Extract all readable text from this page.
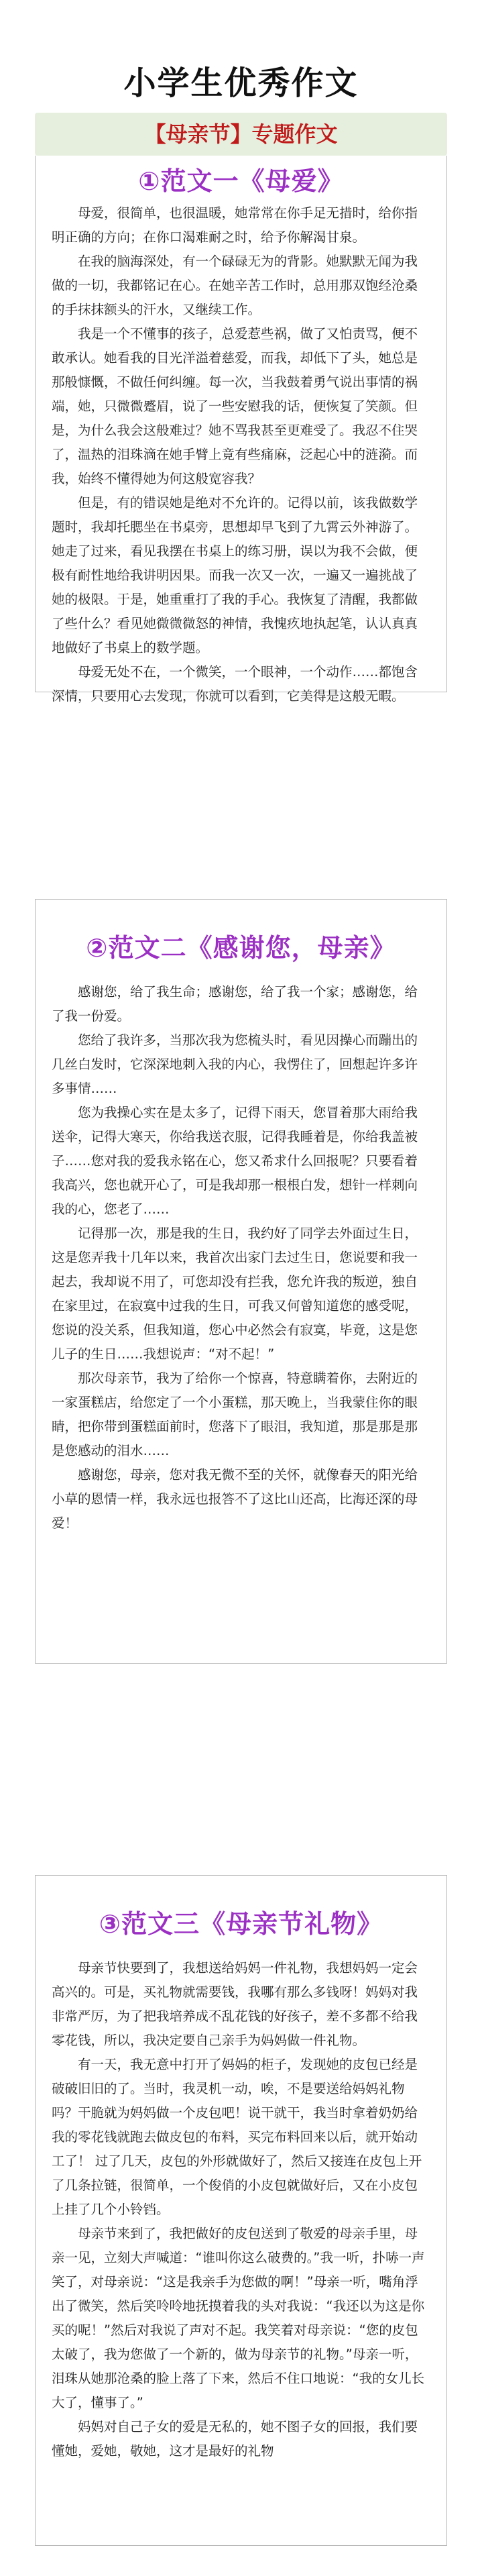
小学生优秀作文
【母亲节】专题作文
①范文一《母爱》

母爱，很简单，也很温暖，她常常在你手足无措时，给你指明正确的方向；在你口渴难耐之时，给予你解渴甘泉。

在我的脑海深处，有一个碌碌无为的背影。她默默无闻为我做的一切，我都铭记在心。在她辛苦工作时，总用那双饱经沧桑的手抹抹额头的汗水，又继续工作。

我是一个不懂事的孩子，总爱惹些祸，做了又怕责骂，便不敢承认。她看我的目光洋溢着慈爱，而我，却低下了头，她总是那般慷慨，不做任何纠缠。每一次，当我鼓着勇气说出事情的祸端，她，只微微蹙眉，说了一些安慰我的话，便恢复了笑颜。但是，为什么我会这般难过？她不骂我甚至更难受了。我忍不住哭了，温热的泪珠滴在她手臂上竟有些痛麻，泛起心中的涟漪。而我，始终不懂得她为何这般宽容我？

但是，有的错误她是绝对不允许的。记得以前，该我做数学题时，我却托腮坐在书桌旁，思想却早飞到了九霄云外神游了。她走了过来，看见我摆在书桌上的练习册，误以为我不会做，便极有耐性地给我讲明因果。而我一次又一次，一遍又一遍挑战了她的极限。于是，她重重打了我的手心。我恢复了清醒，我都做了些什么？看见她微微微怒的神情，我愧疚地执起笔，认认真真地做好了书桌上的数学题。

母爱无处不在，一个微笑，一个眼神，一个动作……都饱含深情，只要用心去发现，你就可以看到，它美得是这般无暇。

②范文二《感谢您，母亲》

感谢您，给了我生命；感谢您，给了我一个家；感谢您，给了我一份爱。

您给了我许多，当那次我为您梳头时，看见因操心而蹦出的几丝白发时，它深深地刺入我的内心，我愣住了，回想起许多许多事情……

您为我操心实在是太多了，记得下雨天，您冒着那大雨给我送伞，记得大寒天，你给我送衣服，记得我睡着是，你给我盖被子……您对我的爱我永铭在心，您又希求什么回报呢？只要看着我高兴，您也就开心了，可是我却那一根根白发，想针一样刺向我的心，您老了……

记得那一次，那是我的生日，我约好了同学去外面过生日，这是您弄我十几年以来，我首次出家门去过生日，您说要和我一起去，我却说不用了，可您却没有拦我，您允许我的叛逆，独自在家里过，在寂寞中过我的生日，可我又何曾知道您的感受呢，您说的没关系，但我知道，您心中必然会有寂寞，毕竟，这是您儿子的生日……我想说声：“对不起！”

那次母亲节，我为了给你一个惊喜，特意瞒着你，去附近的一家蛋糕店，给您定了一个小蛋糕，那天晚上，当我蒙住你的眼睛，把你带到蛋糕面前时，您落下了眼泪，我知道，那是那是那是您感动的泪水……

感谢您，母亲，您对我无微不至的关怀，就像春天的阳光给小草的恩情一样，我永远也报答不了这比山还高，比海还深的母爱！

③范文三《母亲节礼物》

母亲节快要到了，我想送给妈妈一件礼物，我想妈妈一定会高兴的。可是，买礼物就需要钱，我哪有那么多钱呀！妈妈对我非常严厉，为了把我培养成不乱花钱的好孩子，差不多都不给我零花钱，所以，我决定要自己亲手为妈妈做一件礼物。

有一天，我无意中打开了妈妈的柜子，发现她的皮包已经是破破旧旧的了。当时，我灵机一动，唉，不是要送给妈妈礼物吗？干脆就为妈妈做一个皮包吧！说干就干，我当时拿着奶奶给我的零花钱就跑去做皮包的布料，买完布料回来以后，就开始动工了！ 过了几天，皮包的外形就做好了，然后又接连在皮包上开了几条拉链，很简单，一个俊俏的小皮包就做好后，又在小皮包上挂了几个小铃铛。

母亲节来到了，我把做好的皮包送到了敬爱的母亲手里，母亲一见，立刻大声喊道：“谁叫你这么破费的。”我一听，扑哧一声笑了，对母亲说：“这是我亲手为您做的啊！”母亲一听，嘴角浮出了微笑，然后笑呤呤地抚摸着我的头对我说：“我还以为这是你买的呢！”然后对我说了声对不起。我笑着对母亲说：“您的皮包太破了，我为您做了一个新的，做为母亲节的礼物。”母亲一听，泪珠从她那沧桑的脸上落了下来，然后不住口地说：“我的女儿长大了，懂事了。”

妈妈对自己子女的爱是无私的，她不图子女的回报，我们要懂她，爱她，敬她，这才是最好的礼物
